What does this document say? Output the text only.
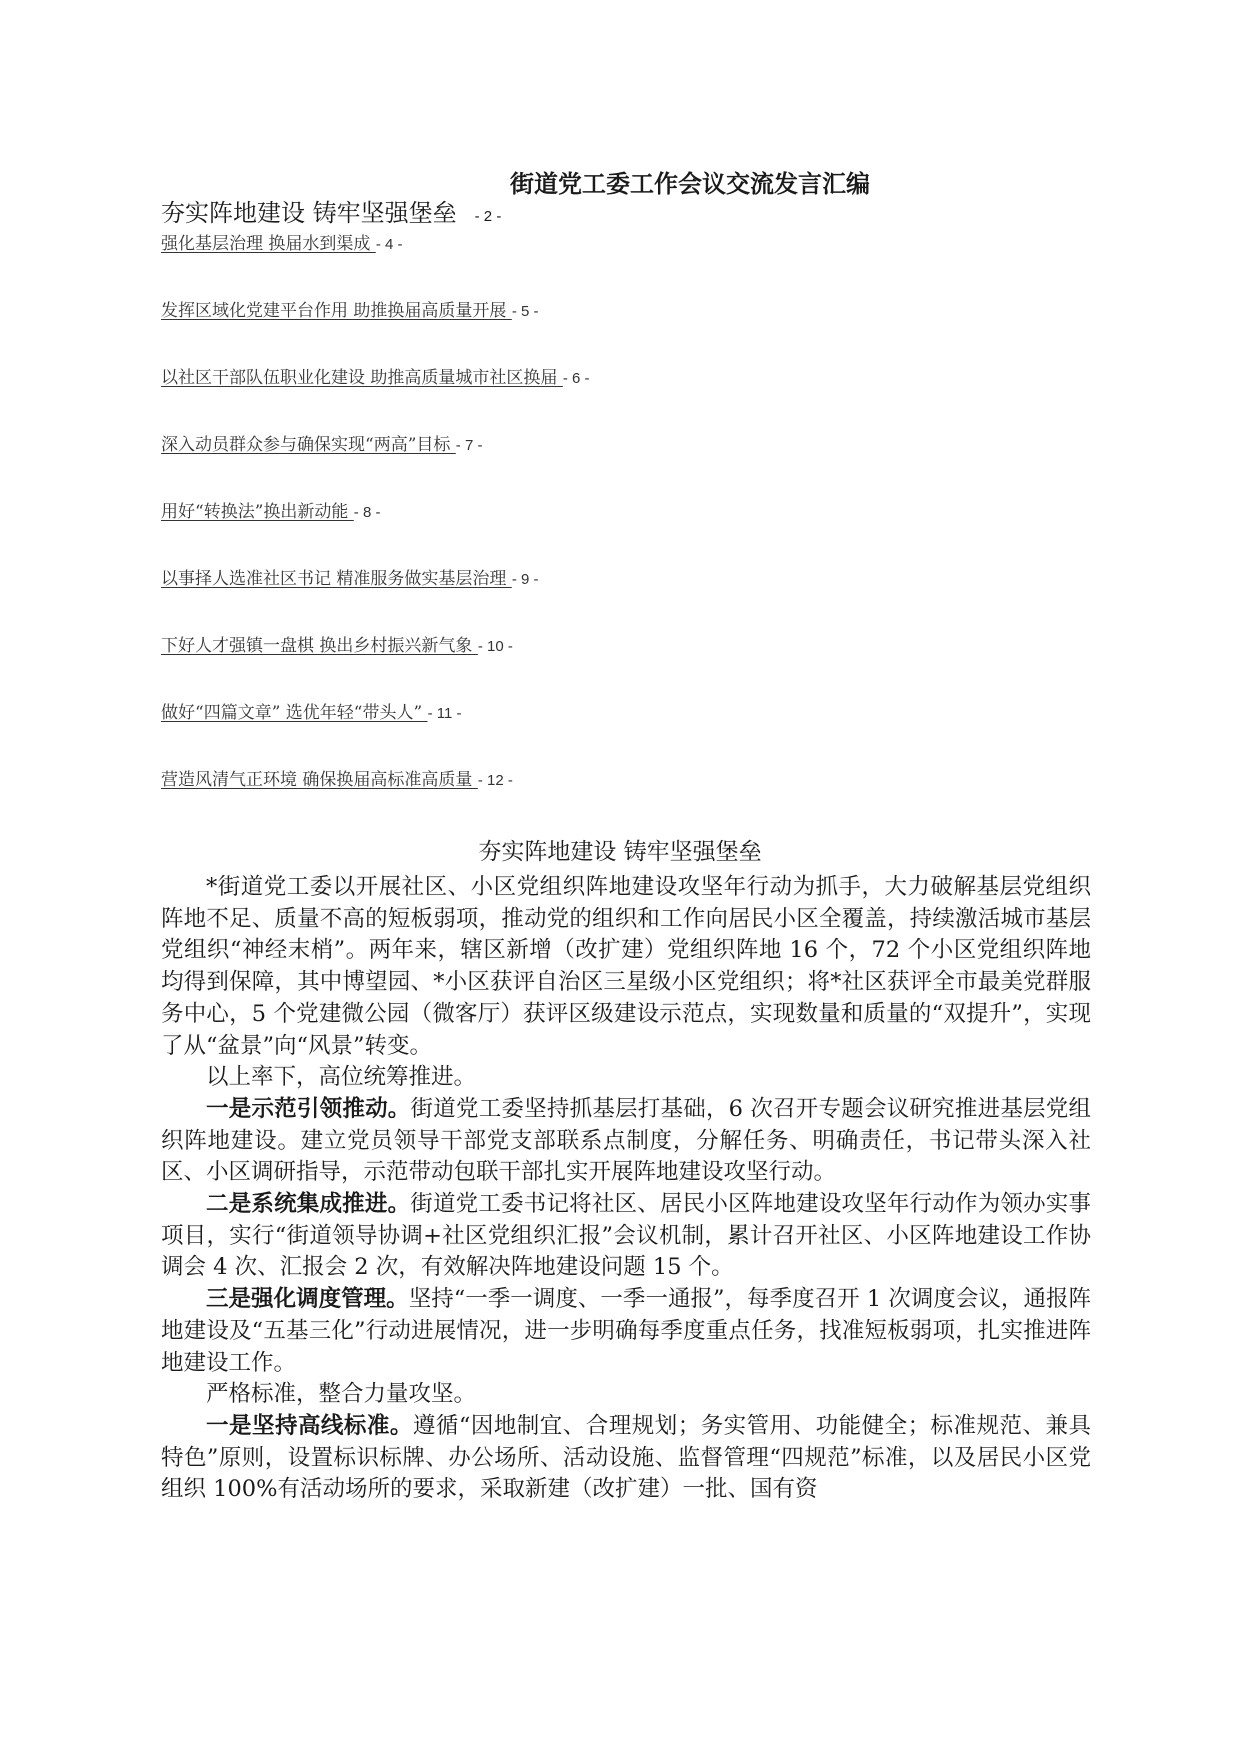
街道党工委工作会议交流发言汇编
夯实阵地建设 铸牢坚强堡垒 - 2 -
强化基层治理 换届水到渠成 - 4 -
发挥区域化党建平台作用 助推换届高质量开展 - 5 -
以社区干部队伍职业化建设 助推高质量城市社区换届 - 6 -
深入动员群众参与确保实现“两高”目标 - 7 -
用好“转换法”换出新动能 - 8 -
以事择人选准社区书记 精准服务做实基层治理 - 9 -
下好人才强镇一盘棋 换出乡村振兴新气象 - 10 -
做好“四篇文章” 选优年轻“带头人” - 11 -
营造风清气正环境 确保换届高标准高质量 - 12 -
夯实阵地建设 铸牢坚强堡垒

*街道党工委以开展社区、小区党组织阵地建设攻坚年行动为抓手，大力破解基层党组织阵地不足、质量不高的短板弱项，推动党的组织和工作向居民小区全覆盖，持续激活城市基层党组织“神经末梢”。两年来，辖区新增（改扩建）党组织阵地 16 个，72 个小区党组织阵地均得到保障，其中博望园、*小区获评自治区三星级小区党组织；将*社区获评全市最美党群服务中心，5 个党建微公园（微客厅）获评区级建设示范点，实现数量和质量的“双提升”，实现了从“盆景”向“风景”转变。

以上率下，高位统筹推进。

一是示范引领推动。街道党工委坚持抓基层打基础，6 次召开专题会议研究推进基层党组织阵地建设。建立党员领导干部党支部联系点制度，分解任务、明确责任，书记带头深入社区、小区调研指导，示范带动包联干部扎实开展阵地建设攻坚行动。

二是系统集成推进。街道党工委书记将社区、居民小区阵地建设攻坚年行动作为领办实事项目，实行“街道领导协调+社区党组织汇报”会议机制，累计召开社区、小区阵地建设工作协调会 4 次、汇报会 2 次，有效解决阵地建设问题 15 个。

三是强化调度管理。坚持“一季一调度、一季一通报”，每季度召开 1 次调度会议，通报阵地建设及“五基三化”行动进展情况，进一步明确每季度重点任务，找准短板弱项，扎实推进阵地建设工作。

严格标准，整合力量攻坚。

一是坚持高线标准。遵循“因地制宜、合理规划；务实管用、功能健全；标准规范、兼具特色”原则，设置标识标牌、办公场所、活动设施、监督管理“四规范”标准，以及居民小区党组织 100%有活动场所的要求，采取新建（改扩建）一批、国有资
